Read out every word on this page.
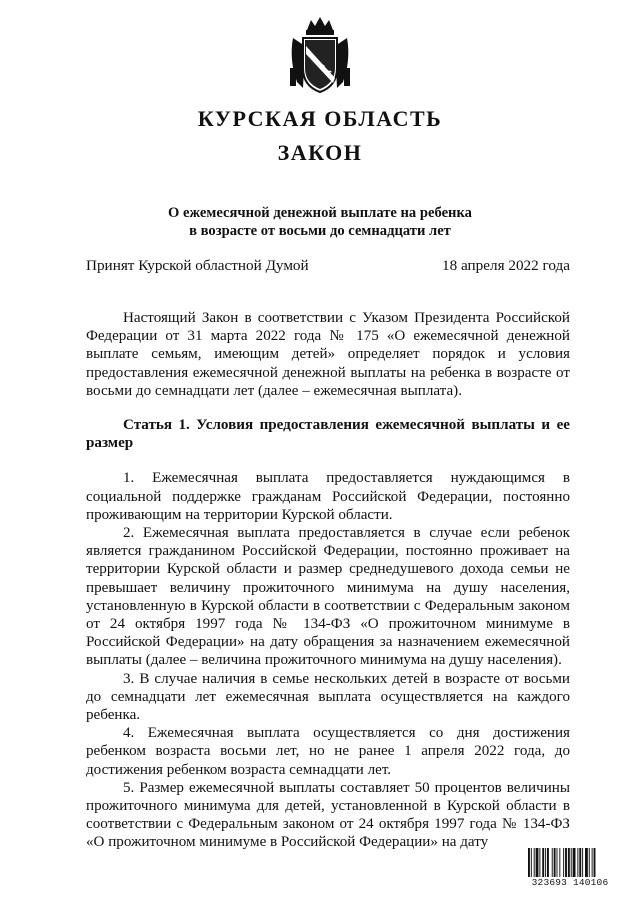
КУРСКАЯ ОБЛАСТЬ
ЗАКОН
О ежемесячной денежной выплате на ребенка
в возрасте от восьми до семнадцати лет
Принят Курской областной Думой	18 апреля 2022 года

Настоящий Закон в соответствии с Указом Президента Российской Федерации от 31 марта 2022 года № 175 «О ежемесячной денежной выплате семьям, имеющим детей» определяет порядок и условия предоставления ежемесячной денежной выплаты на ребенка в возрасте от восьми до семнадцати лет (далее – ежемесячная выплата).

Статья 1. Условия предоставления ежемесячной выплаты и ее размер

1. Ежемесячная выплата предоставляется нуждающимся в социальной поддержке гражданам Российской Федерации, постоянно проживающим на территории Курской области.

2. Ежемесячная выплата предоставляется в случае если ребенок является гражданином Российской Федерации, постоянно проживает на территории Курской области и размер среднедушевого дохода семьи не превышает величину прожиточного минимума на душу населения, установленную в Курской области в соответствии с Федеральным законом от 24 октября 1997 года № 134-ФЗ «О прожиточном минимуме в Российской Федерации» на дату обращения за назначением ежемесячной выплаты (далее – величина прожиточного минимума на душу населения).

3. В случае наличия в семье нескольких детей в возрасте от восьми до семнадцати лет ежемесячная выплата осуществляется на каждого ребенка.

4. Ежемесячная выплата осуществляется со дня достижения ребенком возраста восьми лет, но не ранее 1 апреля 2022 года, до достижения ребенком возраста семнадцати лет.

5. Размер ежемесячной выплаты составляет 50 процентов величины прожиточного минимума для детей, установленной в Курской области в соответствии с Федеральным законом от 24 октября 1997 года № 134-ФЗ «О прожиточном минимуме в Российской Федерации» на дату

323693 140106
